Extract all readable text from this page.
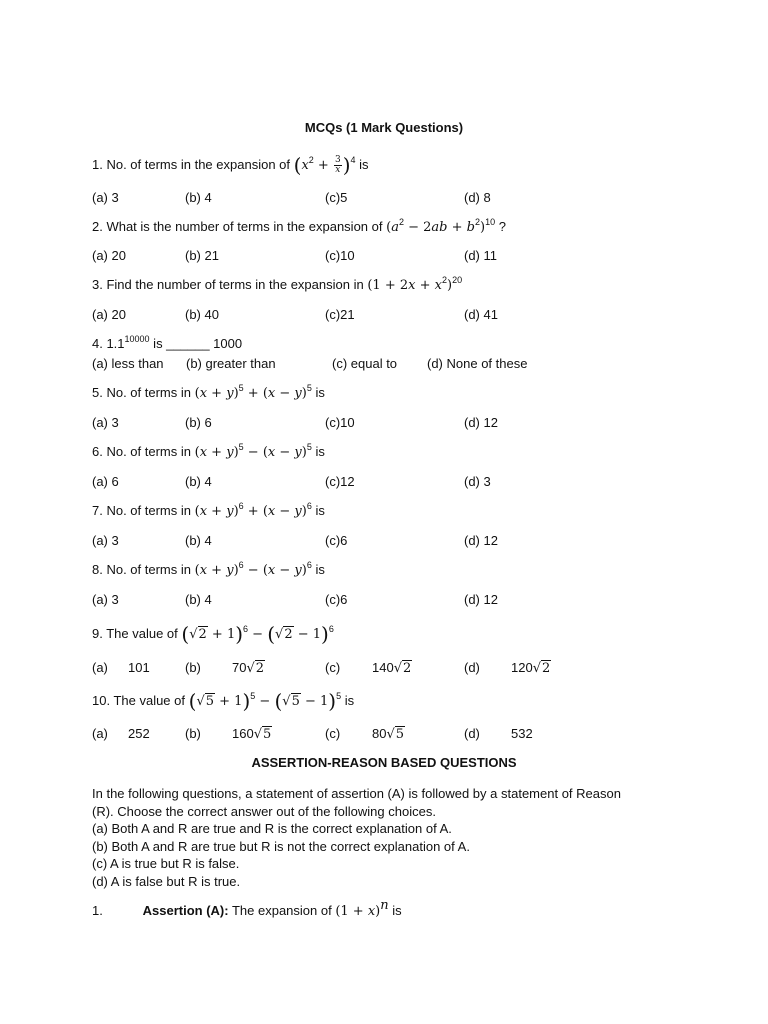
MCQs (1 Mark Questions)
1. No. of terms in the expansion of $(x^2 + \frac{3}{x} )^4$ is
(a) 3	(b) 4	(c)5	(d) 8
2. What is the number of terms in the expansion of $(a^2 - 2ab + b^2)^{10}$ ?
(a) 20	(b) 21	(c)10	(d) 11
3. Find the number of terms in the expansion in $(1 + 2x + x^2)^{20}$
(a) 20	(b) 40	(c)21	(d) 41
4. $1.1^{10000}$ is ______ 1000
(a) less than (b) greater than	(c) equal to (d) None of these
5. No. of terms in $(x + y)^5 + (x - y)^5$ is
(a) 3	(b) 6	(c)10	(d) 12
6. No. of terms in $(x + y)^5 - (x - y)^5$ is
(a) 6	(b) 4	(c)12	(d) 3
7. No. of terms in $(x + y)^6 + (x - y)^6$ is
(a) 3	(b) 4	(c)6	(d) 12
8. No. of terms in $(x + y)^6 - (x - y)^6$ is
(a) 3	(b) 4	(c)6	(d) 12
9. The value of $(√2 + 1)^6 - (√2 - 1)^6$
(a) 101	(b) 70√2	(c) 140√2	(d) 120√2
10. The value of $(√5 + 1)^5 - (√5 - 1)^5$ is
(a) 252	(b) 160√5	(c) 80√5	(d) 532
ASSERTION-REASON BASED QUESTIONS
In the following questions, a statement of assertion (A) is followed by a statement of Reason
(R). Choose the correct answer out of the following choices.
(a) Both A and R are true and R is the correct explanation of A.
(b) Both A and R are true but R is not the correct explanation of A.
(c) A is true but R is false.
(d) A is false but R is true.
1.	Assertion (A): The expansion of $(1 + x)^n$ is
